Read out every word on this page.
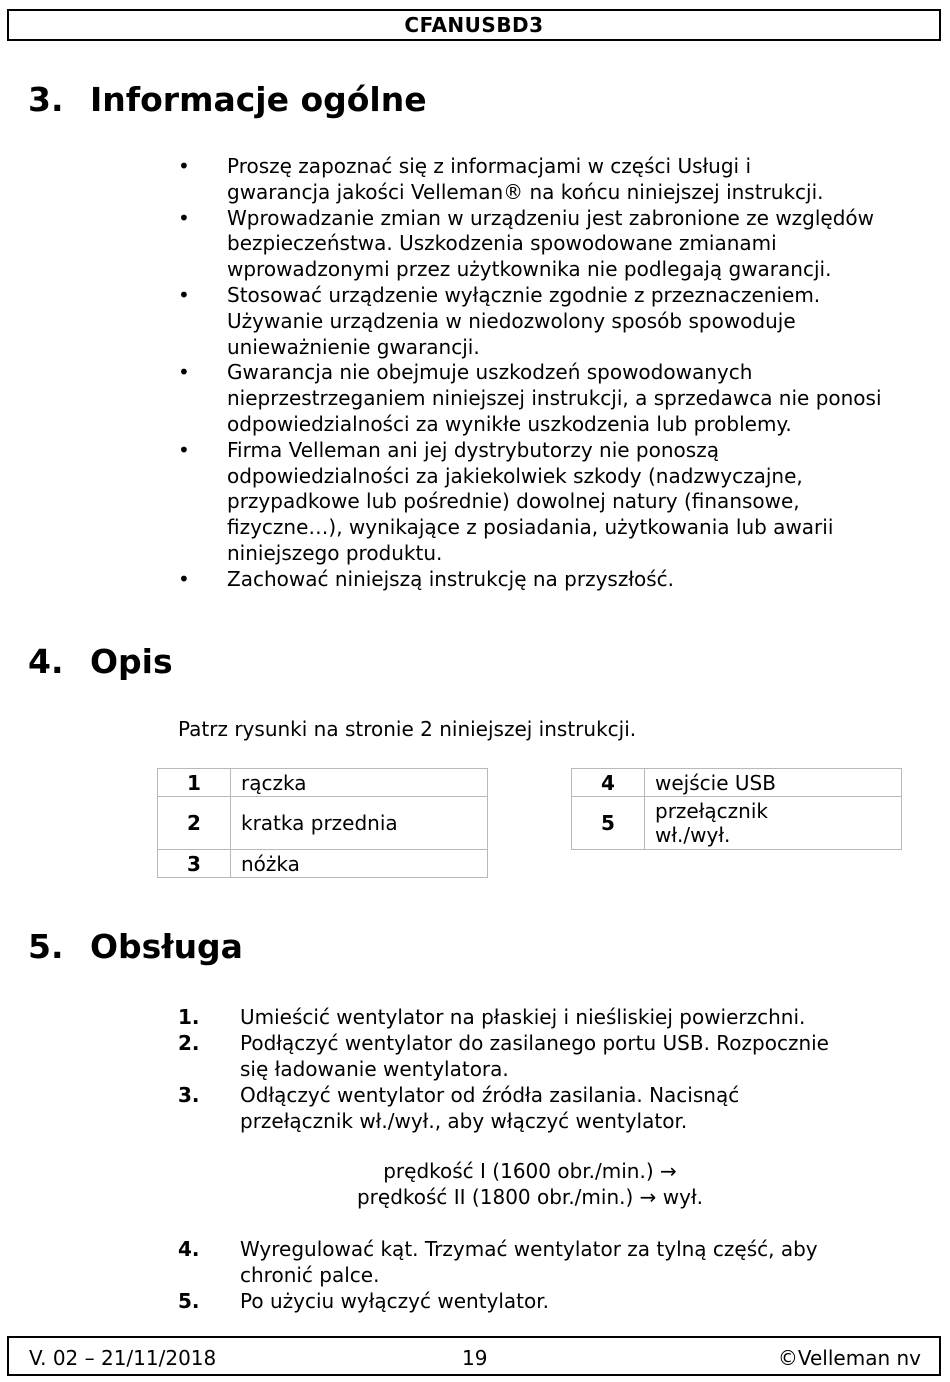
CFANUSBD3
3. Informacje ogólne
•	Proszę zapoznać się z informacjami w części Usługi i
gwarancja jakości Velleman® na końcu niniejszej instrukcji.
•	Wprowadzanie zmian w urządzeniu jest zabronione ze względów
bezpieczeństwa. Uszkodzenia spowodowane zmianami
wprowadzonymi przez użytkownika nie podlegają gwarancji.
•	Stosować urządzenie wyłącznie zgodnie z przeznaczeniem.
Używanie urządzenia w niedozwolony sposób spowoduje
unieważnienie gwarancji.
•	Gwarancja nie obejmuje uszkodzeń spowodowanych
nieprzestrzeganiem niniejszej instrukcji, a sprzedawca nie ponosi
odpowiedzialności za wynikłe uszkodzenia lub problemy.
•	Firma Velleman ani jej dystrybutorzy nie ponoszą
odpowiedzialności za jakiekolwiek szkody (nadzwyczajne,
przypadkowe lub pośrednie) dowolnej natury (finansowe,
fizyczne…), wynikające z posiadania, użytkowania lub awarii
niniejszego produktu.
•	Zachować niniejszą instrukcję na przyszłość.
4. Opis
Patrz rysunki na stronie 2 niniejszej instrukcji.
1	rączka
2	kratka przednia
3	nóżka
4	wejście USB
5	przełącznik
wł./wył.
5. Obsługa
1. Umieścić wentylator na płaskiej i nieśliskiej powierzchni.
2. Podłączyć wentylator do zasilanego portu USB. Rozpocznie
się ładowanie wentylatora.
3. Odłączyć wentylator od źródła zasilania. Nacisnąć
przełącznik wł./wył., aby włączyć wentylator.
prędkość I (1600 obr./min.) →
prędkość II (1800 obr./min.) → wył.
4. Wyregulować kąt. Trzymać wentylator za tylną część, aby
chronić palce.
5. Po użyciu wyłączyć wentylator.
V. 02 – 21/11/2018	19	©Velleman nv
